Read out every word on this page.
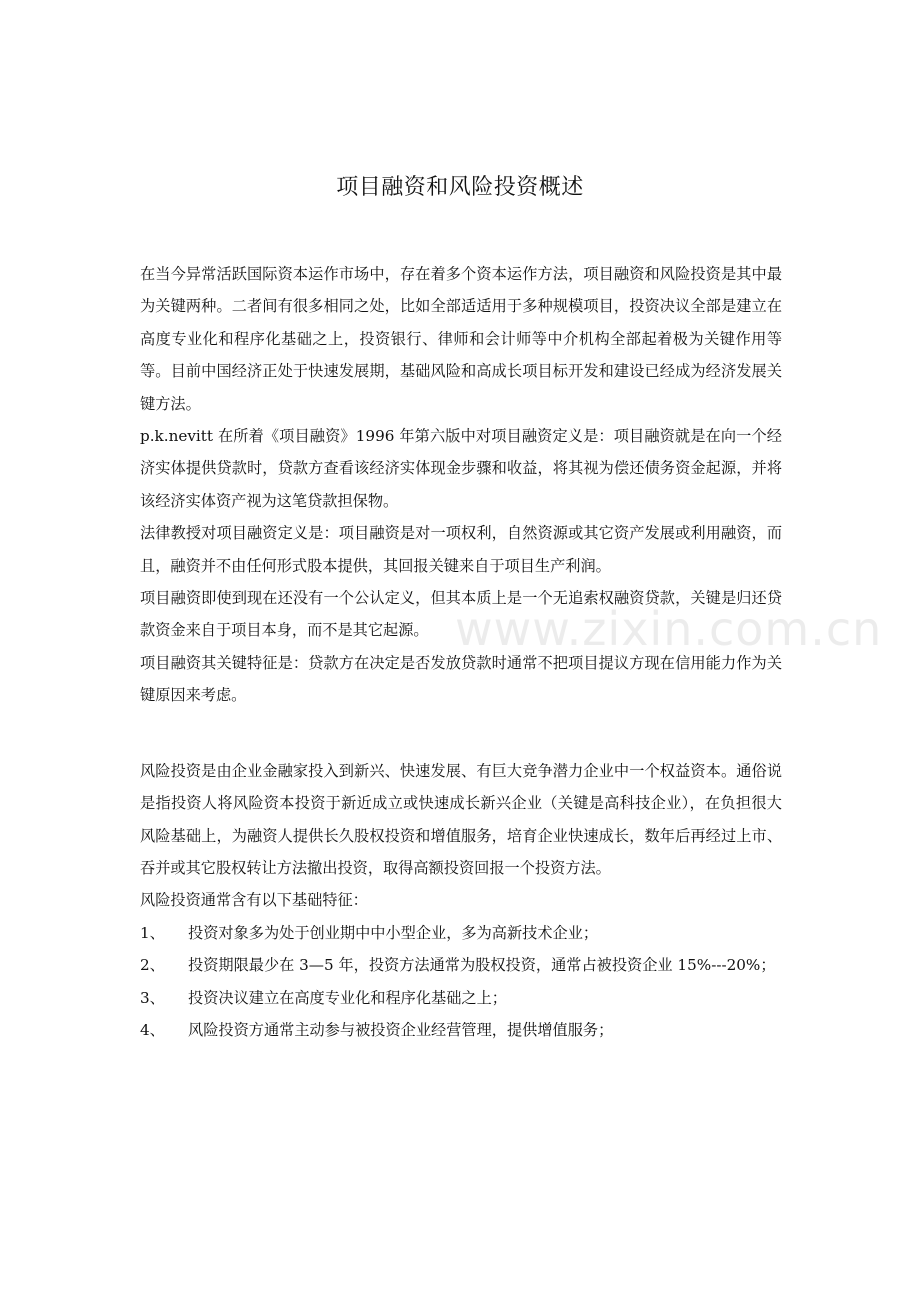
项目融资和风险投资概述

在当今异常活跃国际资本运作市场中，存在着多个资本运作方法，项目融资和风险投资是其中最为关键两种。二者间有很多相同之处，比如全部适适用于多种规模项目，投资决议全部是建立在高度专业化和程序化基础之上，投资银行、律师和会计师等中介机构全部起着极为关键作用等等。目前中国经济正处于快速发展期，基础风险和高成长项目标开发和建设已经成为经济发展关键方法。

p.k.nevitt 在所着《项目融资》1996 年第六版中对项目融资定义是：项目融资就是在向一个经济实体提供贷款时，贷款方查看该经济实体现金步骤和收益，将其视为偿还债务资金起源，并将该经济实体资产视为这笔贷款担保物。

法律教授对项目融资定义是：项目融资是对一项权利，自然资源或其它资产发展或利用融资，而且，融资并不由任何形式股本提供，其回报关键来自于项目生产利润。

项目融资即使到现在还没有一个公认定义，但其本质上是一个无追索权融资贷款，关键是归还贷款资金来自于项目本身，而不是其它起源。

项目融资其关键特征是：贷款方在决定是否发放贷款时通常不把项目提议方现在信用能力作为关键原因来考虑。

风险投资是由企业金融家投入到新兴、快速发展、有巨大竞争潜力企业中一个权益资本。通俗说是指投资人将风险资本投资于新近成立或快速成长新兴企业（关键是高科技企业），在负担很大风险基础上，为融资人提供长久股权投资和增值服务，培育企业快速成长，数年后再经过上市、吞并或其它股权转让方法撤出投资，取得高额投资回报一个投资方法。

风险投资通常含有以下基础特征：

1、	投资对象多为处于创业期中中小型企业，多为高新技术企业；
2、	投资期限最少在 3—5 年，投资方法通常为股权投资，通常占被投资企业 15%---20%；
3、	投资决议建立在高度专业化和程序化基础之上；
4、	风险投资方通常主动参与被投资企业经营管理，提供增值服务；
www.zixin.com.cn
